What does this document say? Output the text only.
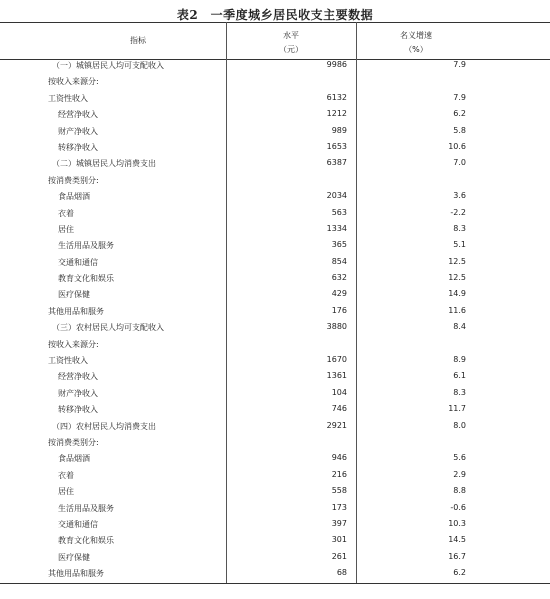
表2　一季度城乡居民收支主要数据
指标
水平
（元）
名义增速
（%）
（一）城镇居民人均可支配收入	9986	7.9
按收入来源分:
工资性收入	6132	7.9
经营净收入	1212	6.2
财产净收入	989	5.8
转移净收入	1653	10.6
（二）城镇居民人均消费支出	6387	7.0
按消费类别分:
食品烟酒	2034	3.6
衣着	563	-2.2
居住	1334	8.3
生活用品及服务	365	5.1
交通和通信	854	12.5
教育文化和娱乐	632	12.5
医疗保健	429	14.9
其他用品和服务	176	11.6
（三）农村居民人均可支配收入	3880	8.4
按收入来源分:
工资性收入	1670	8.9
经营净收入	1361	6.1
财产净收入	104	8.3
转移净收入	746	11.7
（四）农村居民人均消费支出	2921	8.0
按消费类别分:
食品烟酒	946	5.6
衣着	216	2.9
居住	558	8.8
生活用品及服务	173	-0.6
交通和通信	397	10.3
教育文化和娱乐	301	14.5
医疗保健	261	16.7
其他用品和服务	68	6.2
